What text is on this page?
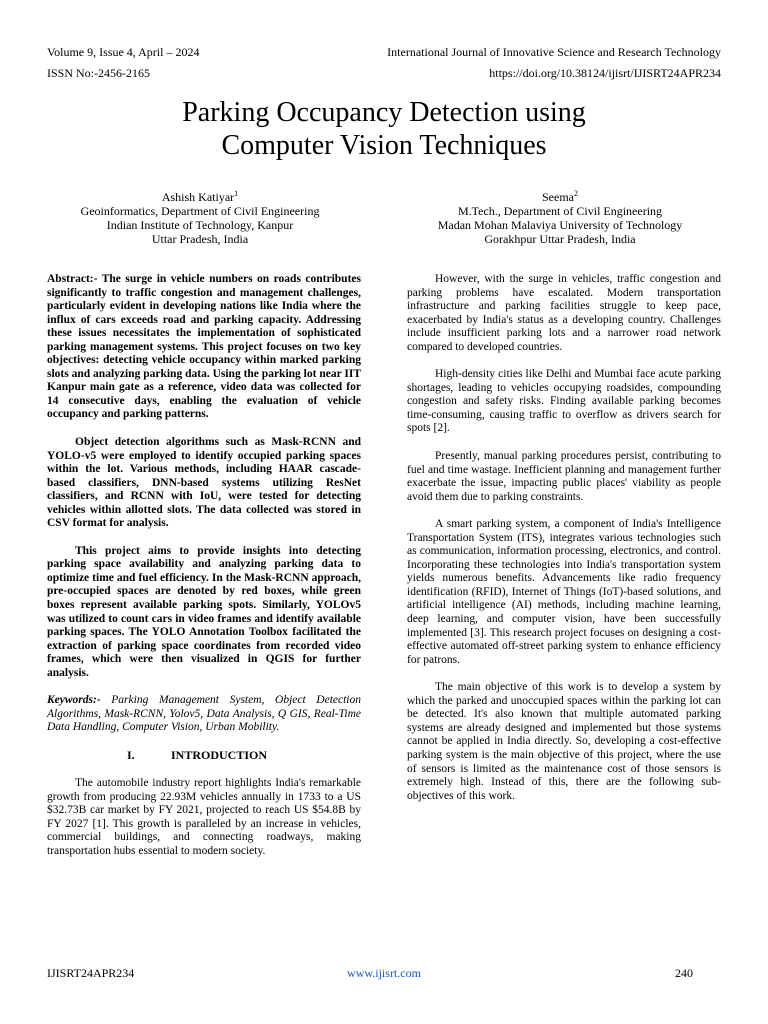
Volume 9, Issue 4, April – 2024	International Journal of Innovative Science and Research Technology
ISSN No:-2456-2165	https://doi.org/10.38124/ijisrt/IJISRT24APR234
Parking Occupancy Detection using
Computer Vision Techniques
Ashish Katiyar$^1$
Geoinformatics, Department of Civil Engineering
Indian Institute of Technology, Kanpur
Uttar Pradesh, India
Seema$^2$
M.Tech., Department of Civil Engineering
Madan Mohan Malaviya University of Technology
Gorakhpur Uttar Pradesh, India

Abstract:- The surge in vehicle numbers on roads contributes significantly to traffic congestion and management challenges, particularly evident in developing nations like India where the influx of cars exceeds road and parking capacity. Addressing these issues necessitates the implementation of sophisticated parking management systems. This project focuses on two key objectives: detecting vehicle occupancy within marked parking slots and analyzing parking data. Using the parking lot near IIT Kanpur main gate as a reference, video data was collected for 14 consecutive days, enabling the evaluation of vehicle occupancy and parking patterns.

Object detection algorithms such as Mask-RCNN and YOLO-v5 were employed to identify occupied parking spaces within the lot. Various methods, including HAAR cascade-based classifiers, DNN-based systems utilizing ResNet classifiers, and RCNN with IoU, were tested for detecting vehicles within allotted slots. The data collected was stored in CSV format for analysis.

This project aims to provide insights into detecting parking space availability and analyzing parking data to optimize time and fuel efficiency. In the Mask-RCNN approach, pre-occupied spaces are denoted by red boxes, while green boxes represent available parking spots. Similarly, YOLOv5 was utilized to count cars in video frames and identify available parking spaces. The YOLO Annotation Toolbox facilitated the extraction of parking space coordinates from recorded video frames, which were then visualized in QGIS for further analysis.

Keywords:- Parking Management System, Object Detection Algorithms, Mask-RCNN, Yolov5, Data Analysis, Q GIS, Real-Time Data Handling, Computer Vision, Urban Mobility.

I.	INTRODUCTION

The automobile industry report highlights India's remarkable growth from producing 22.93M vehicles annually in 1733 to a US $32.73B car market by FY 2021, projected to reach US $54.8B by FY 2027 [1]. This growth is paralleled by an increase in vehicles, commercial buildings, and connecting roadways, making transportation hubs essential to modern society.

However, with the surge in vehicles, traffic congestion and parking problems have escalated. Modern transportation infrastructure and parking facilities struggle to keep pace, exacerbated by India's status as a developing country. Challenges include insufficient parking lots and a narrower road network compared to developed countries.

High-density cities like Delhi and Mumbai face acute parking shortages, leading to vehicles occupying roadsides, compounding congestion and safety risks. Finding available parking becomes time-consuming, causing traffic to overflow as drivers search for spots [2].

Presently, manual parking procedures persist, contributing to fuel and time wastage. Inefficient planning and management further exacerbate the issue, impacting public places' viability as people avoid them due to parking constraints.

A smart parking system, a component of India's Intelligence Transportation System (ITS), integrates various technologies such as communication, information processing, electronics, and control. Incorporating these technologies into India's transportation system yields numerous benefits. Advancements like radio frequency identification (RFID), Internet of Things (IoT)-based solutions, and artificial intelligence (AI) methods, including machine learning, deep learning, and computer vision, have been successfully implemented [3]. This research project focuses on designing a cost-effective automated off-street parking system to enhance efficiency for patrons.

The main objective of this work is to develop a system by which the parked and unoccupied spaces within the parking lot can be detected. It's also known that multiple automated parking systems are already designed and implemented but those systems cannot be applied in India directly. So, developing a cost-effective parking system is the main objective of this project, where the use of sensors is limited as the maintenance cost of those sensors is extremely high. Instead of this, there are the following sub-objectives of this work.

IJISRT24APR234	www.ijisrt.com	240
